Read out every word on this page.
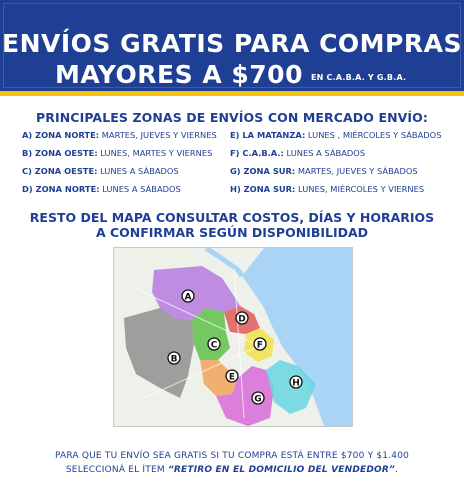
ENVÍOS GRATIS PARA COMPRAS
MAYORES A $700 EN C.A.B.A. Y G.B.A.
PRINCIPALES ZONAS DE ENVÍOS CON MERCADO ENVÍO:
A) ZONA NORTE: MARTES, JUEVES Y VIERNES	E) LA MATANZA: LUNES , MIÉRCOLES Y SÁBADOS
B) ZONA OESTE: LUNES, MARTES Y VIERNES	F) C.A.B.A.: LUNES A SÁBADOS
C) ZONA OESTE: LUNES A SÁBADOS	G) ZONA SUR: MARTES, JUEVES Y SÁBADOS
D) ZONA NORTE: LUNES A SÁBADOS	H) ZONA SUR: LUNES, MIÉRCOLES Y VIERNES
RESTO DEL MAPA CONSULTAR COSTOS, DÍAS Y HORARIOS
A CONFIRMAR SEGÚN DISPONIBILIDAD
A
B
C
D
E
F
G
H
PARA QUE TU ENVÍO SEA GRATIS SI TU COMPRA ESTÁ ENTRE $700 Y $1.400
SELECCIONÁ EL ÍTEM “RETIRO EN EL DOMICILIO DEL VENDEDOR”.
